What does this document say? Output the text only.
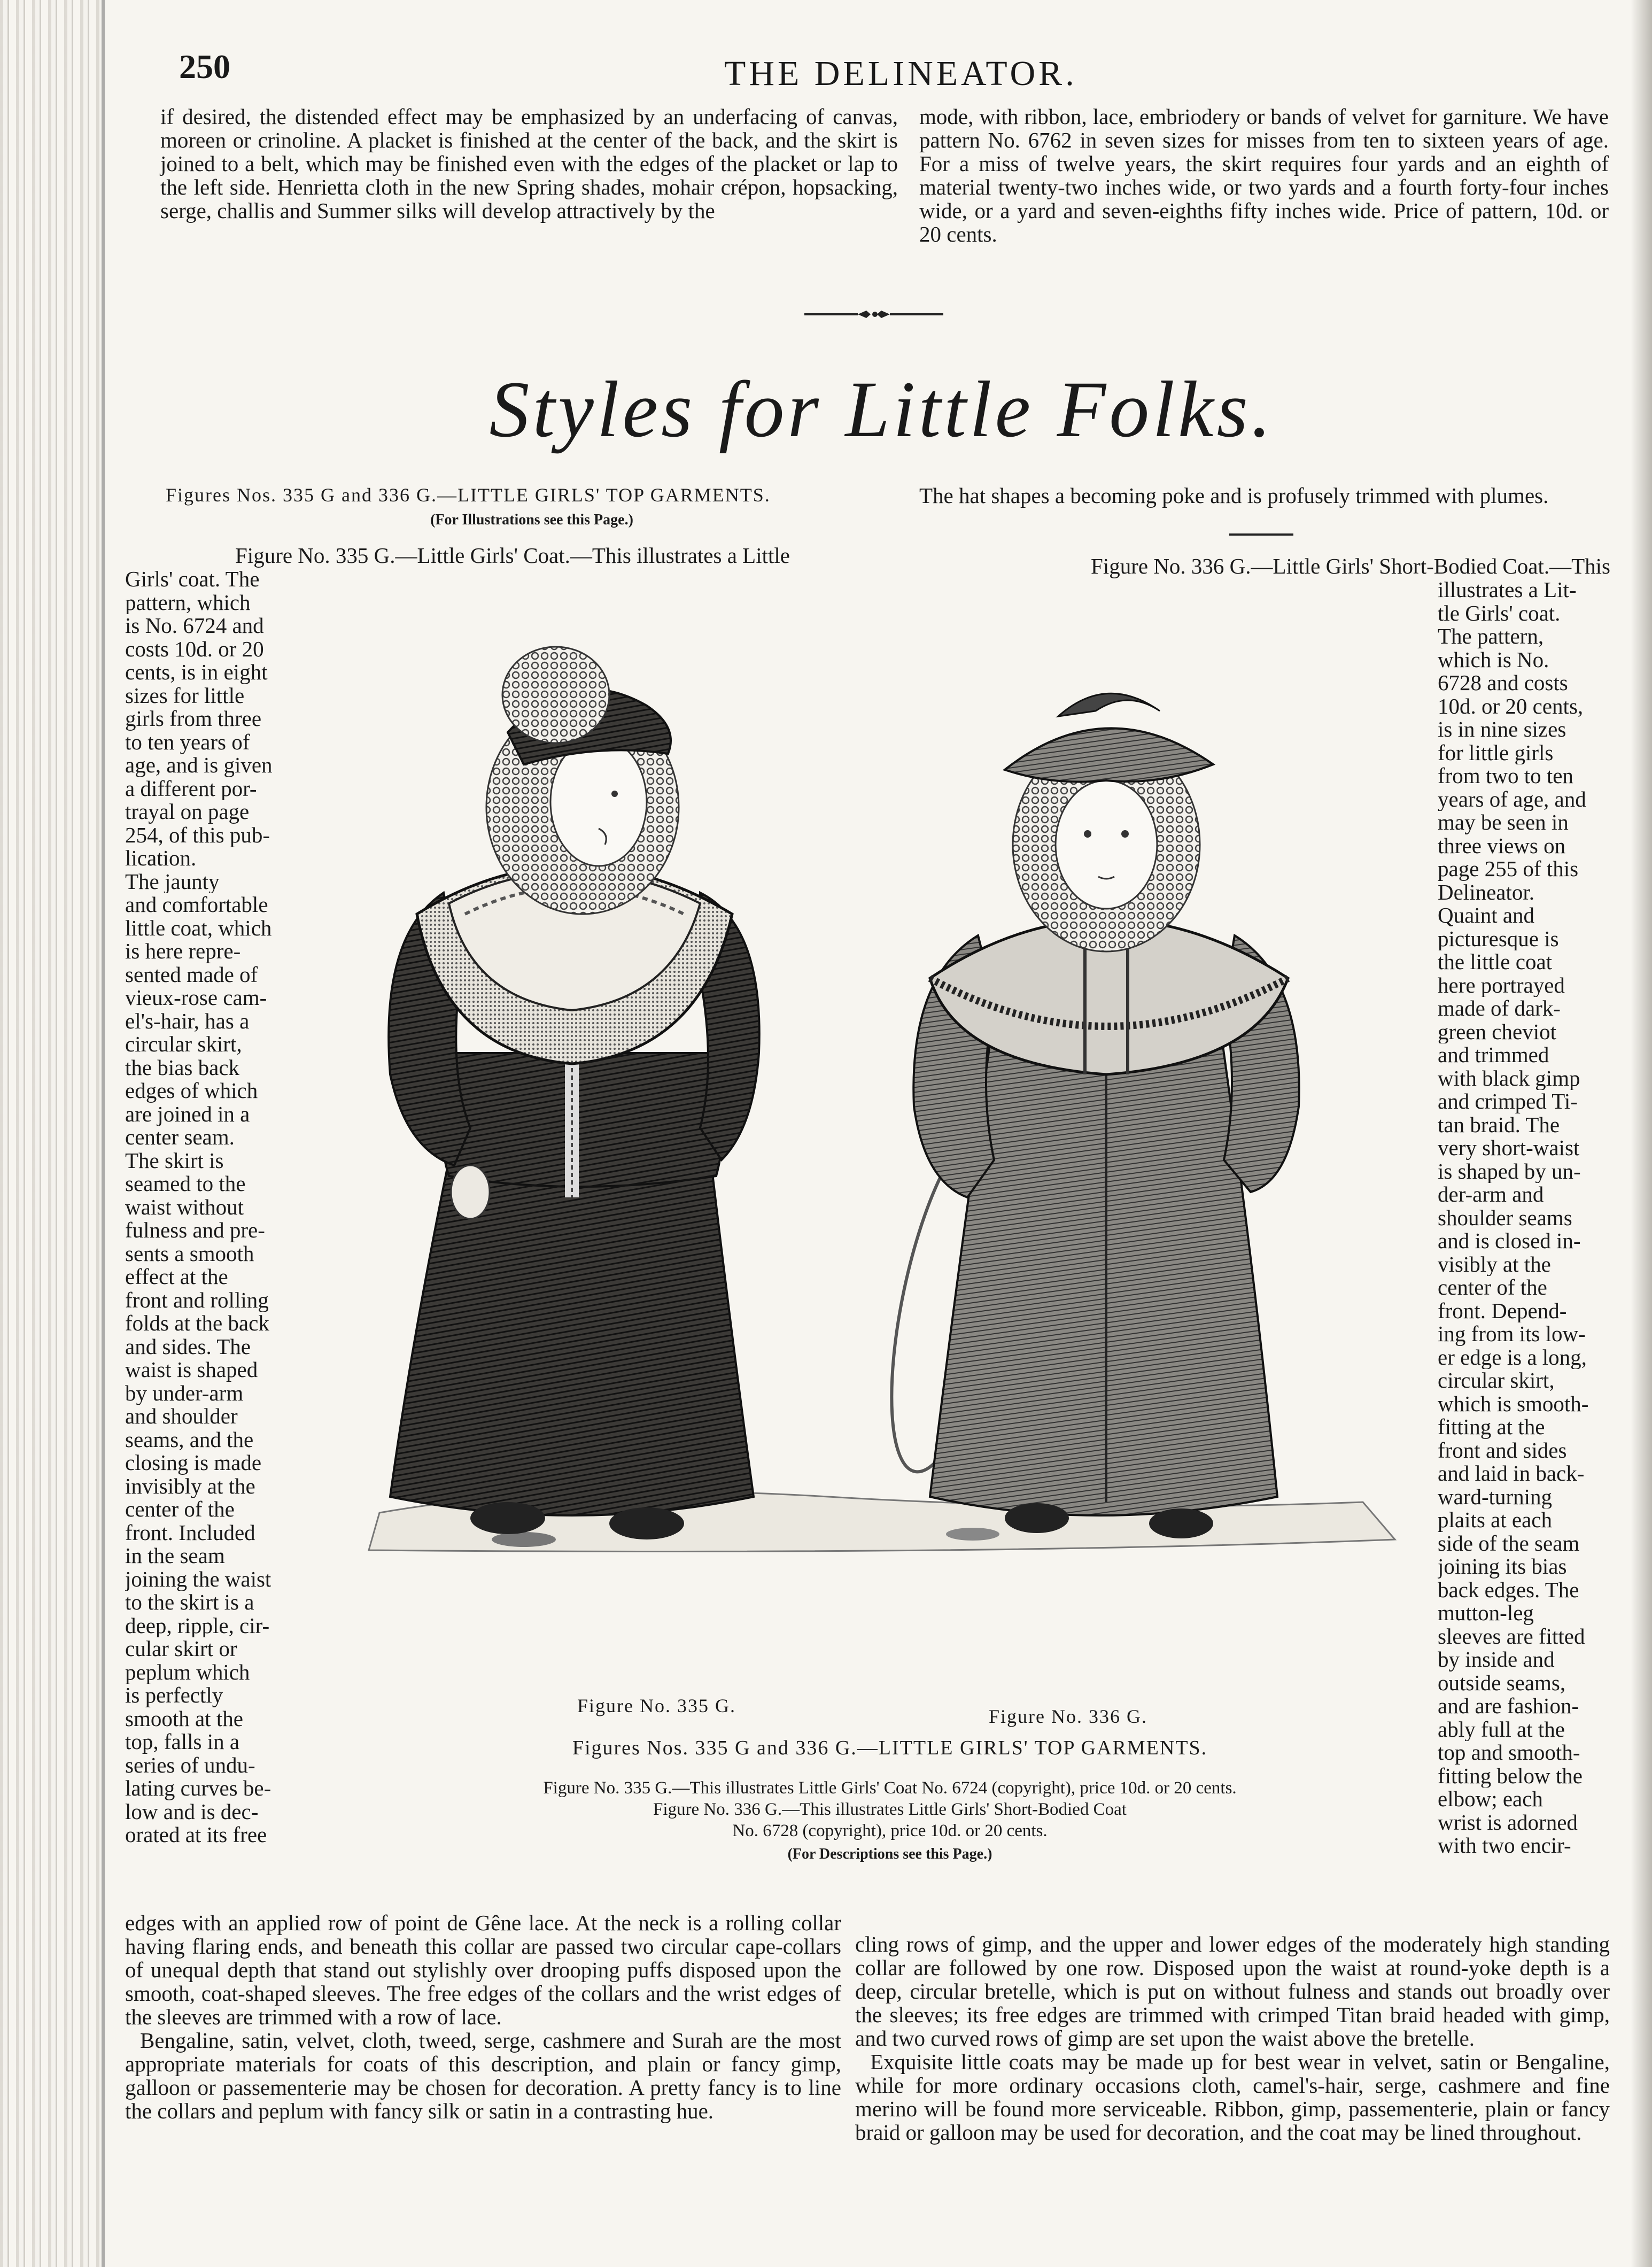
250	THE DELINEATOR.

if desired, the distended effect may be emphasized by an underfacing of canvas, moreen or crinoline. A placket is finished at the center of the back, and the skirt is joined to a belt, which may be finished even with the edges of the placket or lap to the left side. Henrietta cloth in the new Spring shades, mohair crépon, hopsacking, serge, challis and Summer silks will develop attractively by the

mode, with ribbon, lace, embriodery or bands of velvet for garniture. We have pattern No. 6762 in seven sizes for misses from ten to sixteen years of age. For a miss of twelve years, the skirt requires four yards and an eighth of material twenty-two inches wide, or two yards and a fourth forty-four inches wide, or a yard and seven-eighths fifty inches wide. Price of pattern, 10d. or 20 cents.

Styles for Little Folks.

Figures Nos. 335 G and 336 G.—LITTLE GIRLS' TOP GARMENTS.

(For Illustrations see this Page.)

The hat shapes a becoming poke and is profusely trimmed with plumes.
Figure No. 335 G.—Little Girls' Coat.—This illustrates a Little	Figure No. 336 G.—Little Girls' Short-Bodied Coat.—This
Girls' coat. The
pattern, which
is No. 6724 and
costs 10d. or 20
cents, is in eight
sizes for little
girls from three
to ten years of
age, and is given
a different por-
trayal on page
254, of this pub-
lication.
The jaunty
and comfortable
little coat, which
is here repre-
sented made of
vieux-rose cam-
el's-hair, has a
circular skirt,
the bias back
edges of which
are joined in a
center seam.
The skirt is
seamed to the
waist without
fulness and pre-
sents a smooth
effect at the
front and rolling
folds at the back
and sides. The
waist is shaped
by under-arm
and shoulder
seams, and the
closing is made
invisibly at the
center of the
front. Included
in the seam
joining the waist
to the skirt is a
deep, ripple, cir-
cular skirt or
peplum which
is perfectly
smooth at the
top, falls in a
series of undu-
lating curves be-
low and is dec-
orated at its free
illustrates a Lit-
tle Girls' coat.
The pattern,
which is No.
6728 and costs
10d. or 20 cents,
is in nine sizes
for little girls
from two to ten
years of age, and
may be seen in
three views on
page 255 of this
Delineator.
Quaint and
picturesque is
the little coat
here portrayed
made of dark-
green cheviot
and trimmed
with black gimp
and crimped Ti-
tan braid. The
very short-waist
is shaped by un-
der-arm and
shoulder seams
and is closed in-
visibly at the
center of the
front. Depend-
ing from its low-
er edge is a long,
circular skirt,
which is smooth-
fitting at the
front and sides
and laid in back-
ward-turning
plaits at each
side of the seam
joining its bias
back edges. The
mutton-leg
sleeves are fitted
by inside and
outside seams,
and are fashion-
ably full at the
top and smooth-
fitting below the
elbow; each
wrist is adorned
with two encir-
Figure No. 335 G.	Figure No. 336 G.
Figures Nos. 335 G and 336 G.—LITTLE GIRLS' TOP GARMENTS.

Figure No. 335 G.—This illustrates Little Girls' Coat No. 6724 (copyright), price 10d. or 20 cents.

Figure No. 336 G.—This illustrates Little Girls' Short-Bodied Coat

No. 6728 (copyright), price 10d. or 20 cents.

(For Descriptions see this Page.)

edges with an applied row of point de Gêne lace. At the neck is a rolling collar having flaring ends, and beneath this collar are passed two circular cape-collars of unequal depth that stand out stylishly over drooping puffs disposed upon the smooth, coat-shaped sleeves. The free edges of the collars and the wrist edges of the sleeves are trimmed with a row of lace.

Bengaline, satin, velvet, cloth, tweed, serge, cashmere and Surah are the most appropriate materials for coats of this description, and plain or fancy gimp, galloon or passementerie may be chosen for decoration. A pretty fancy is to line the collars and peplum with fancy silk or satin in a contrasting hue.

cling rows of gimp, and the upper and lower edges of the moderately high standing collar are followed by one row. Disposed upon the waist at round-yoke depth is a deep, circular bretelle, which is put on without fulness and stands out broadly over the sleeves; its free edges are trimmed with crimped Titan braid headed with gimp, and two curved rows of gimp are set upon the waist above the bretelle.

Exquisite little coats may be made up for best wear in velvet, satin or Bengaline, while for more ordinary occasions cloth, camel's-hair, serge, cashmere and fine merino will be found more serviceable. Ribbon, gimp, passementerie, plain or fancy braid or galloon may be used for decoration, and the coat may be lined throughout.
